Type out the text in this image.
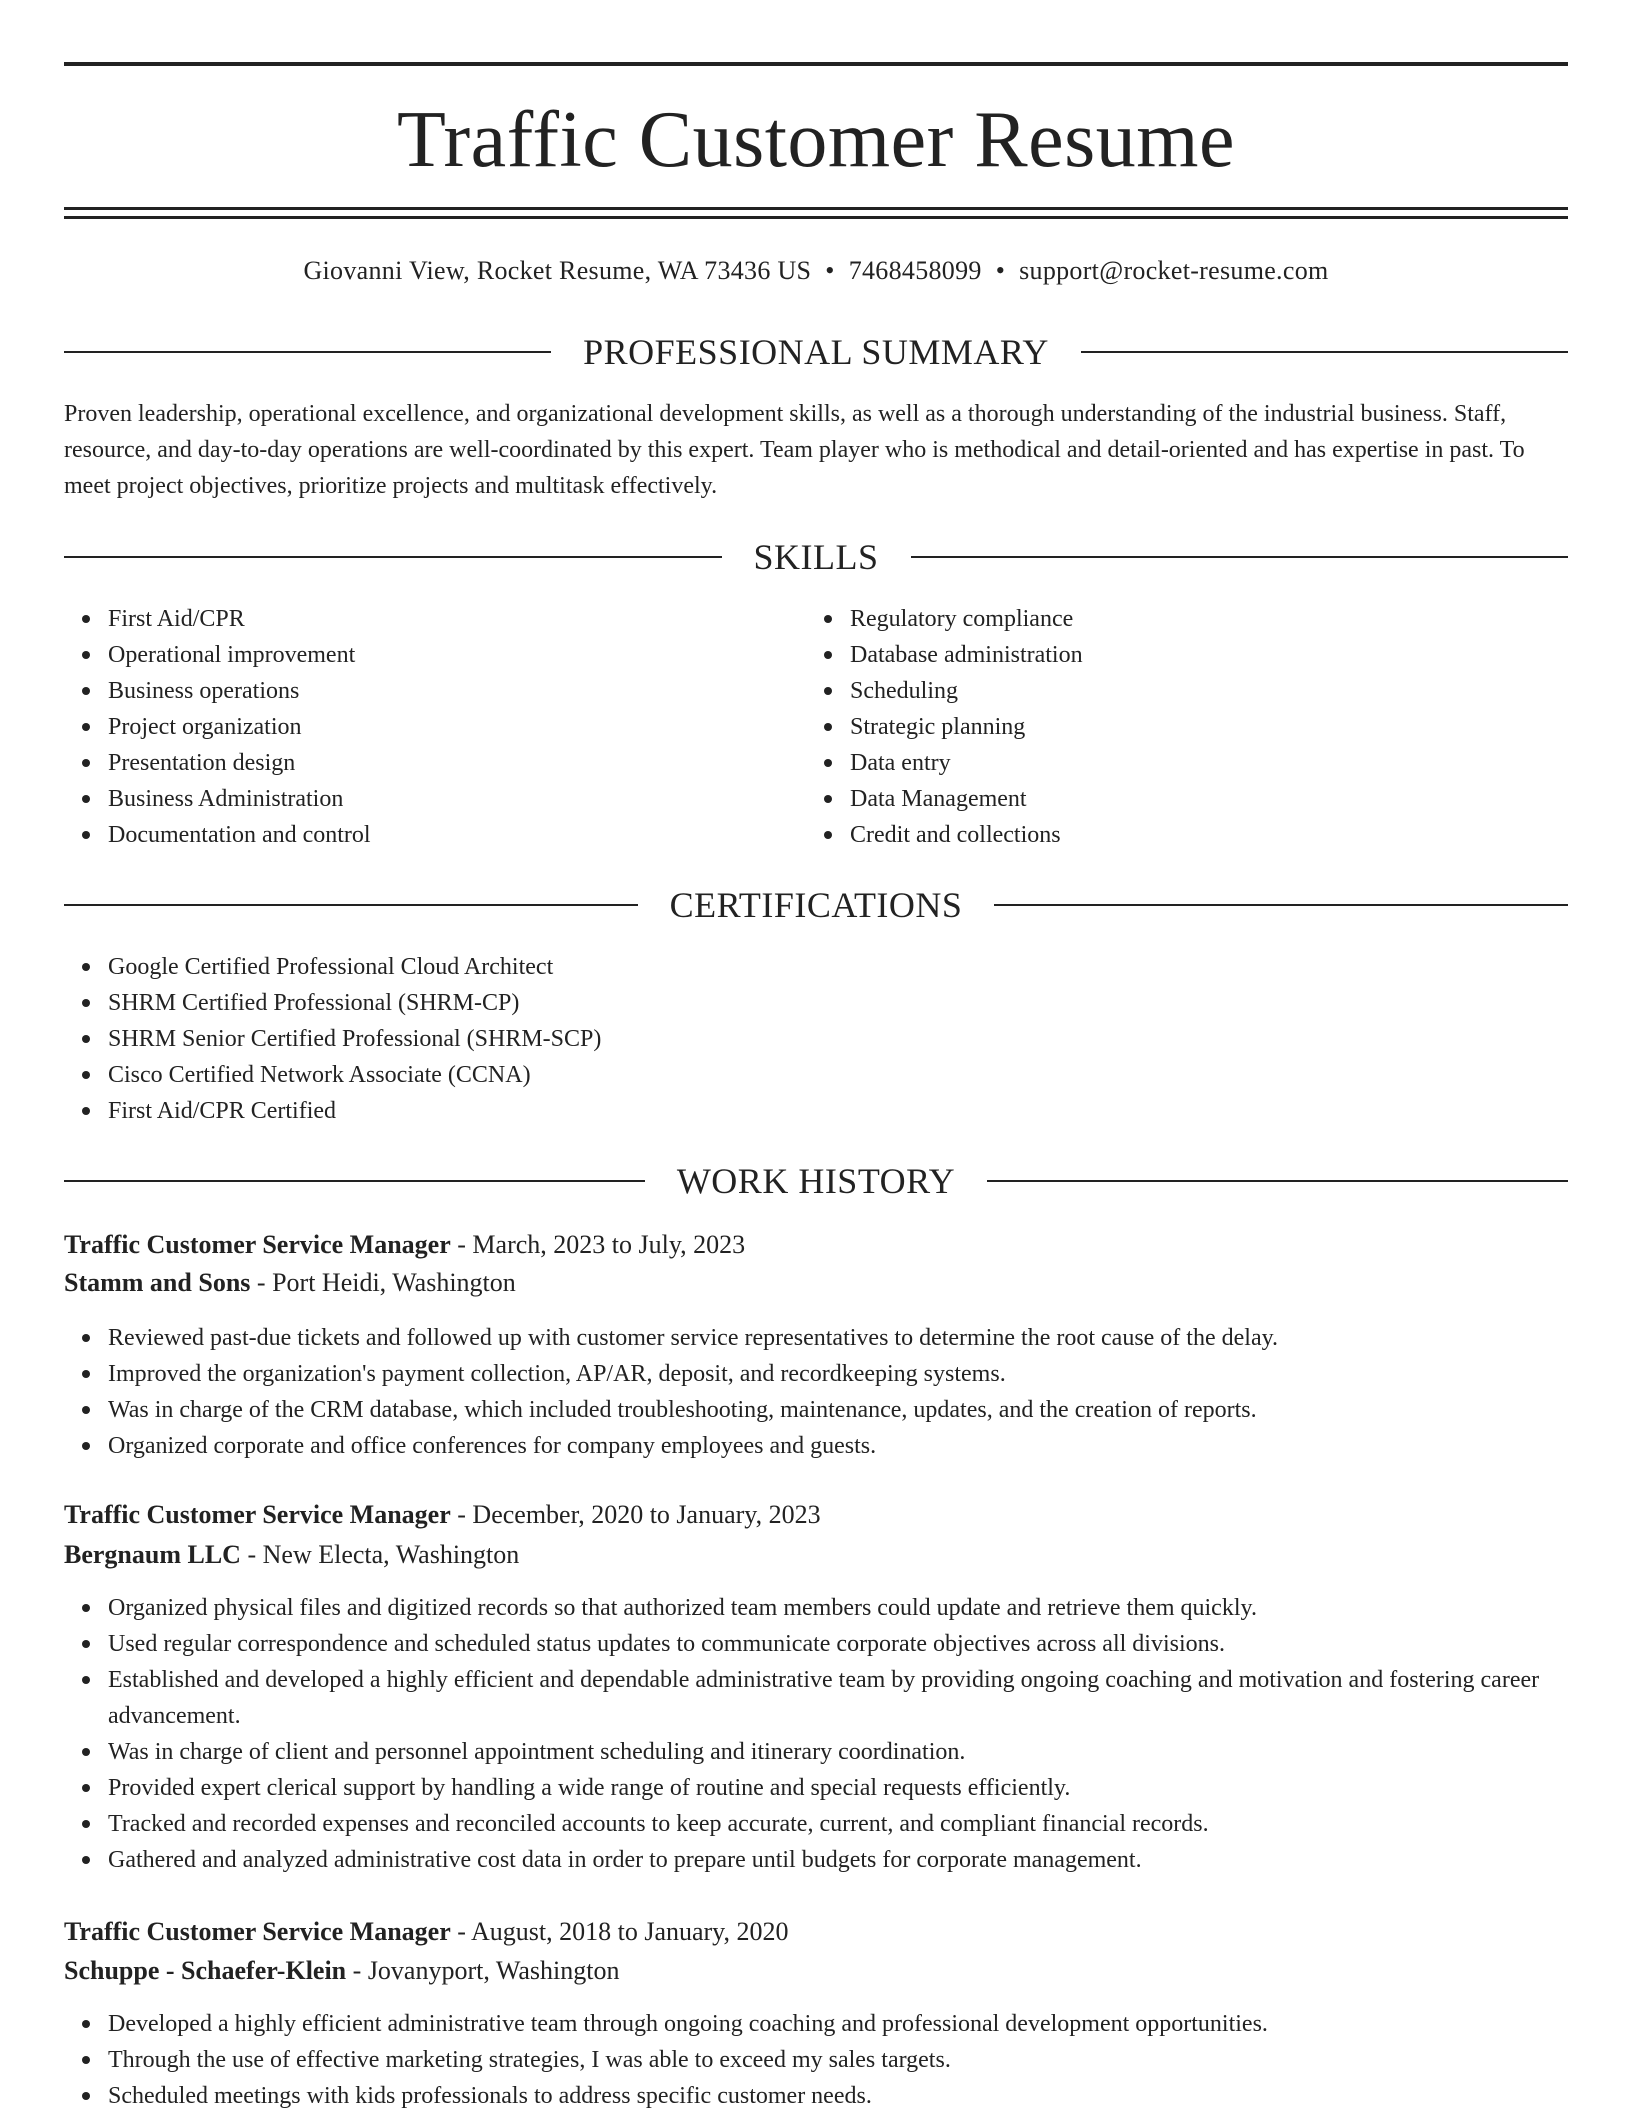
Traffic Customer Resume
Giovanni View, Rocket Resume, WA 73436 US • 7468458099 • support@rocket-resume.com
PROFESSIONAL SUMMARY

Proven leadership, operational excellence, and organizational development skills, as well as a thorough understanding of the industrial business. Staff, resource, and day-to-day operations are well-coordinated by this expert. Team player who is methodical and detail-oriented and has expertise in past. To meet project objectives, prioritize projects and multitask effectively.

SKILLS
First Aid/CPR
Operational improvement
Business operations
Project organization
Presentation design
Business Administration
Documentation and control
Regulatory compliance
Database administration
Scheduling
Strategic planning
Data entry
Data Management
Credit and collections
CERTIFICATIONS
Google Certified Professional Cloud Architect
SHRM Certified Professional (SHRM-CP)
SHRM Senior Certified Professional (SHRM-SCP)
Cisco Certified Network Associate (CCNA)
First Aid/CPR Certified
WORK HISTORY
Traffic Customer Service Manager - March, 2023 to July, 2023
Stamm and Sons - Port Heidi, Washington
Reviewed past-due tickets and followed up with customer service representatives to determine the root cause of the delay.
Improved the organization's payment collection, AP/AR, deposit, and recordkeeping systems.
Was in charge of the CRM database, which included troubleshooting, maintenance, updates, and the creation of reports.
Organized corporate and office conferences for company employees and guests.
Traffic Customer Service Manager - December, 2020 to January, 2023
Bergnaum LLC - New Electa, Washington
Organized physical files and digitized records so that authorized team members could update and retrieve them quickly.
Used regular correspondence and scheduled status updates to communicate corporate objectives across all divisions.
Established and developed a highly efficient and dependable administrative team by providing ongoing coaching and motivation and fostering career advancement.
Was in charge of client and personnel appointment scheduling and itinerary coordination.
Provided expert clerical support by handling a wide range of routine and special requests efficiently.
Tracked and recorded expenses and reconciled accounts to keep accurate, current, and compliant financial records.
Gathered and analyzed administrative cost data in order to prepare until budgets for corporate management.
Traffic Customer Service Manager - August, 2018 to January, 2020
Schuppe - Schaefer-Klein - Jovanyport, Washington
Developed a highly efficient administrative team through ongoing coaching and professional development opportunities.
Through the use of effective marketing strategies, I was able to exceed my sales targets.
Scheduled meetings with kids professionals to address specific customer needs.
